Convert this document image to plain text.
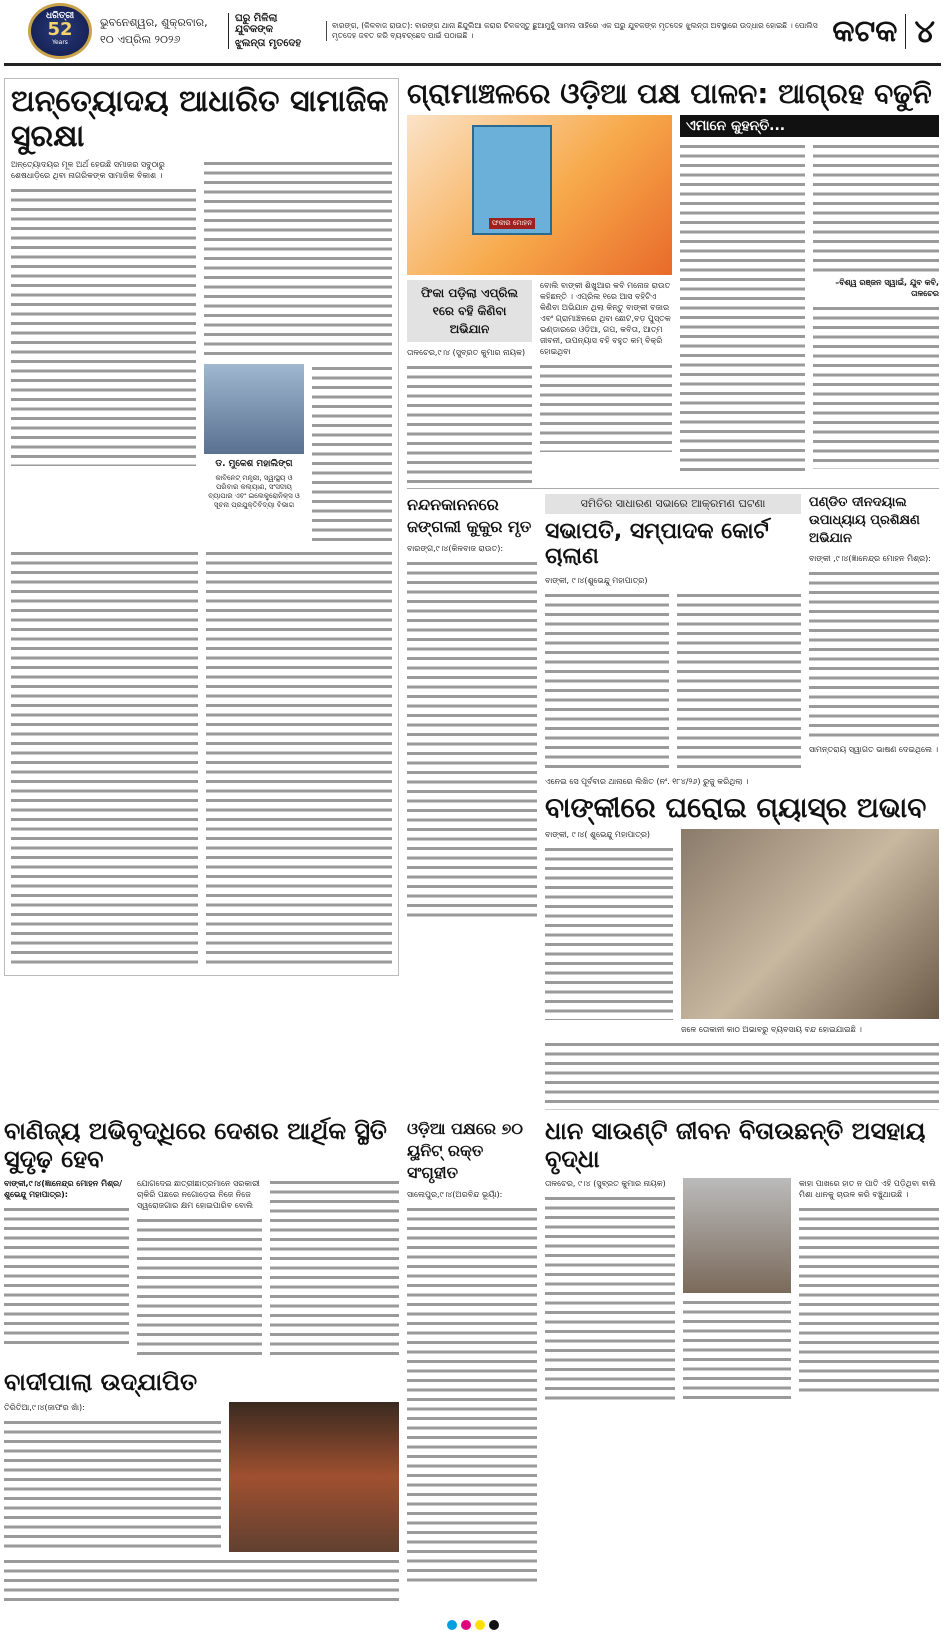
ଧରିତ୍ରୀ
52
Years
ଭୁବନେଶ୍ୱର, ଶୁକ୍ରବାର,
୧୦ ଏପ୍ରିଲ ୨୦୨୬
ଘରୁ ମିଳିଲା ଯୁବକଙ୍କ
ଝୁଲନ୍ତା ମୃତଦେହ
ବାରଙ୍ଗ, (କିଳବାଜ ରାଉତ): ବାରଙ୍ଗ ଥାନା ଛିନ୍ଦୁଲିଆ କରାର ଚିଳକସ୍ତୁ ଛୁଆମୁହୁଁ ସାମଲ ସାହିରେ ଏକ ଘରୁ ଯୁବକଙ୍କ ମୃତଦେହ ଝୁଲନ୍ତା ଅବସ୍ଥାରେ ଉଦ୍ଧାର ହୋଇଛି । ପୋଲିସ ମୃତଦେହ ଜବତ କରି ବ୍ୟବଚ୍ଛେଦ ପାଇଁ ପଠାଇଛି ।	କଟକ ୪
ଅନ୍ତ୍ୟୋଦୟ ଆଧାରିତ ସାମାଜିକ ସୁରକ୍ଷା
ଅନ୍ତ୍ୟୋଦୟର ମୂଳ ଅର୍ଥ ହେଉଛି ସମାଜର ସବୁଠାରୁ ଶେଷଧାଡ଼ିରେ ଥିବା ନାଗରିକଙ୍କ ସାମାଜିକ ବିକାଶ ।
ଡ. ମୁକେଶ ମହାଲିଙ୍ଗ
କାବିନେଟ୍ ମନ୍ତ୍ରୀ, ସ୍ୱାସ୍ଥ୍ୟ ଓ ପରିବାର କଲ୍ୟାଣ, ସଂସଦୀୟ ବ୍ୟାପାର ଏବଂ ଇଲେକ୍ଟ୍ରୋନିକ୍ସ ଓ ସୂଚନା ପ୍ରଯୁକ୍ତିବିଦ୍ୟା ବିଭାଗ
ଗ୍ରାମାଞ୍ଚଳରେ ଓଡ଼ିଆ ପକ୍ଷ ପାଳନ: ଆଗ୍ରହ ବଢୁନି
ଫକୀର ମୋହନ
ଫିକା ପଡ଼ିଲା ଏପ୍ରିଲ ୧ରେ ବହି କିଣିବା ଅଭିଯାନ
ତାଳଚେର,୯।୪ (ସୁବ୍ରତ କୁମାର ନାୟକ)
ବୋଲି ବାଙ୍କୀ ଶିଖୁଆର କବି ମନୋଜ ରାଉତ କହିଛନ୍ତି । ଏପ୍ରିଲ ୧ରେ ଆସ ବହିଟିଏ କିଣିବା ଅଭିଯାନ ଥିଲା କିନ୍ତୁ ବାଙ୍କୀ ବଜାର ଏବଂ ଗ୍ରାମାଞ୍ଚଳରେ ଥିବା ଛୋଟ,ବଡ଼ ପୁସ୍ତକ ଭଣ୍ଡାରରେ ଓଡ଼ିଆ, ଗପ, କବିତା, ଆତ୍ମ ଜୀବନୀ, ଉପନ୍ୟାସ ବହି ବହୁତ କମ୍ ବିକ୍ରି ହୋଇଥିବା
ଏମାନେ କୁହନ୍ତି...
–ବିଶ୍ୱ ରଞ୍ଜନ ସ୍ୱାଇଁ, ଯୁବ କବି, ତାଳଚେର
ନନ୍ଦନକାନନରେ ଜଙ୍ଗଲୀ କୁକୁର ମୃତ
ବାରଙ୍ଗ,୯।୪(କିଳବାଜ ରାଉତ):
ସମିତିର ସାଧାରଣ ସଭାରେ ଆକ୍ରମଣ ଘଟଣା
ସଭାପତି, ସମ୍ପାଦକ କୋର୍ଟ ଚାଲାଣ
ବାଙ୍କୀ, ୯।୪(ଶୁଭେନ୍ଦୁ ମହାପାତ୍ର)
ଏନେଇ ସେ ପୂର୍ବବାର ଥାନାରେ ଲିଖିତ (ନଂ. ୧୮୪/୨୬) ରୁଜୁ କରିଥିଲା ।
ପଣ୍ଡିତ ଦୀନଦୟାଲ ଉପାଧ୍ୟାୟ ପ୍ରଶିକ୍ଷଣ ଅଭିଯାନ
ବାଙ୍କୀ ,୯।୪(ଜ୍ଞାନେନ୍ଦ୍ର ମୋହନ ମିଶ୍ର):
ସାମନ୍ତରାୟ ସ୍ୱାଗତ ଭାଷଣ ଦେଇଥିଲେ ।
ବାଙ୍କୀରେ ଘରୋଇ ଗ୍ୟାସ୍‌ର ଅଭାବ
ବାଙ୍କୀ, ୯।୪( ଶୁଭେନ୍ଦୁ ମହାପାତ୍ର)
ଜଳେ ତୋକାନୀ କାଠ ଅଭାବରୁ ବ୍ୟବସାୟ ବନ୍ଦ ହୋଇଯାଇଛି ।
ବାଣିଜ୍ୟ ଅଭିବୃଦ୍ଧିରେ ଦେଶର ଆର୍ଥିକ ସ୍ଥିତି ସୁଦୃଢ଼ ହେବ
ବାଙ୍କୀ,୯।୪(ଜ୍ଞାନେନ୍ଦ୍ର ମୋହନ ମିଶ୍ର/ଶୁଭେନ୍ଦୁ ମହାପାତ୍ର):
ଯୋଗଦେଇ ଛାତ୍ରୀଛାତ୍ରମାନେ ସରକାରୀ ଚାକିରି ପଛରେ ନଗୋଡ଼େଇ ନିଜେ ନିଜେ ସ୍ୱରୋଜଗାର କ୍ଷମ ହୋଇପାରିବ ବୋଲି
ବାଦୀପାଲା ଉଦ୍‌ଯାପିତ
ତିରିତିଆ,୯।୪(ଜାଫର ଖାଁ):
ଓଡ଼ିଆ ପକ୍ଷରେ ୭୦ ୟୁନିଟ୍ ରକ୍ତ ସଂଗୃହୀତ
ସାଲେପୁର,୯।୪(ଅରବିନ୍ଦ ଭୂୟାଁ):
ଧାନ ସାଉଣ୍ଟି ଜୀବନ ବିତାଉଛନ୍ତି ଅସହାୟ ବୃଦ୍ଧା
ତାଳଚେର, ୯।୪ (ସୁବ୍ରତ କୁମାର ନାୟକ)	କାହା ପାଖରେ ହାତ ନ ପାତି ଏହି ପଡ଼ିଥିବା ବାଲି ମିଶା ଧାନକୁ ଚାଉଳ କରି ବଞ୍ଚୁଥାଉଛି ।
